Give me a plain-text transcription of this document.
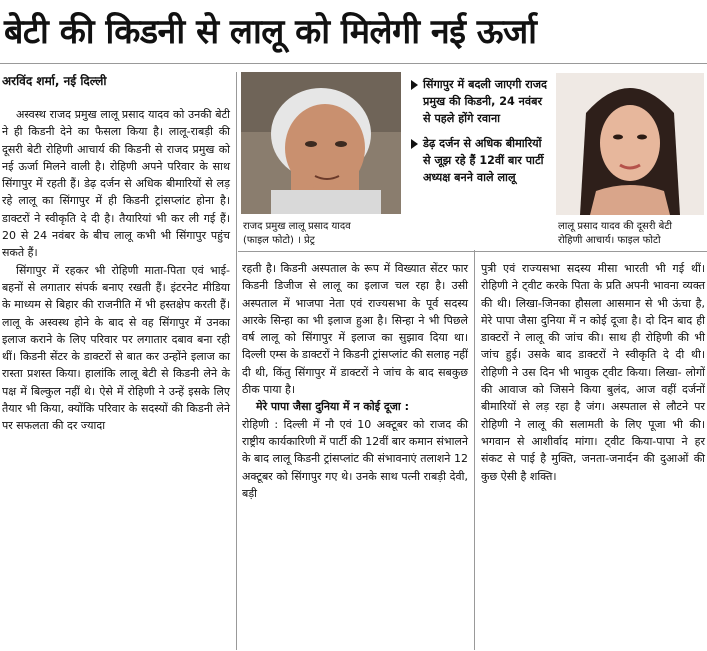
बेटी की किडनी से लालू को मिलेगी नई ऊर्जा
अरविंद शर्मा, नई दिल्ली
राजद प्रमुख लालू प्रसाद यादव
(फाइल फोटो) । प्रेट्र
सिंगापुर में बदली जाएगी राजद प्रमुख की किडनी, 24 नवंबर से पहले होंगे रवाना
डेढ़ दर्जन से अधिक बीमारियों से जूझ रहे हैं 12वीं बार पार्टी अध्यक्ष बनने वाले लालू
लालू प्रसाद यादव की दूसरी बेटी
रोहिणी आचार्य। फाइल फोटो

अस्वस्थ राजद प्रमुख लालू प्रसाद यादव को उनकी बेटी ने ही किडनी देने का फैसला किया है। लालू-राबड़ी की दूसरी बेटी रोहिणी आचार्य की किडनी से राजद प्रमुख को नई ऊर्जा मिलने वाली है। रोहिणी अपने परिवार के साथ सिंगापुर में रहती हैं। डेढ़ दर्जन से अधिक बीमारियों से लड़ रहे लालू का सिंगापुर में ही किडनी ट्रांसप्लांट होना है। डाक्टरों ने स्वीकृति दे दी है। तैयारियां भी कर ली गई हैं। 20 से 24 नवंबर के बीच लालू कभी भी सिंगापुर पहुंच सकते हैं।

सिंगापुर में रहकर भी रोहिणी माता-पिता एवं भाई-बहनों से लगातार संपर्क बनाए रखती हैं। इंटरनेट मीडिया के माध्यम से बिहार की राजनीति में भी हस्तक्षेप करती हैं। लालू के अस्वस्थ होने के बाद से वह सिंगापुर में उनका इलाज कराने के लिए परिवार पर लगातार दबाव बना रही थीं। किडनी सेंटर के डाक्टरों से बात कर उन्होंने इलाज का रास्ता प्रशस्त किया। हालांकि लालू बेटी से किडनी लेने के पक्ष में बिल्कुल नहीं थे। ऐसे में रोहिणी ने उन्हें इसके लिए तैयार भी किया, क्योंकि परिवार के सदस्यों की किडनी लेने पर सफलता की दर ज्यादा

रहती है। किडनी अस्पताल के रूप में विख्यात सेंटर फार किडनी डिजीज से लालू का इलाज चल रहा है। उसी अस्पताल में भाजपा नेता एवं राज्यसभा के पूर्व सदस्य आरके सिन्हा का भी इलाज हुआ है। सिन्हा ने भी पिछले वर्ष लालू को सिंगापुर में इलाज का सुझाव दिया था। दिल्ली एम्स के डाक्टरों ने किडनी ट्रांसप्लांट की सलाह नहीं दी थी, किंतु सिंगापुर में डाक्टरों ने जांच के बाद सबकुछ ठीक पाया है।

मेरे पापा जैसा दुनिया में न कोई दूजा :

रोहिणी : दिल्ली में नौ एवं 10 अक्टूबर को राजद की राष्ट्रीय कार्यकारिणी में पार्टी की 12वीं बार कमान संभालने के बाद लालू किडनी ट्रांसप्लांट की संभावनाएं तलाशने 12 अक्टूबर को सिंगापुर गए थे। उनके साथ पत्नी राबड़ी देवी, बड़ी

पुत्री एवं राज्यसभा सदस्य मीसा भारती भी गई थीं। रोहिणी ने ट्वीट करके पिता के प्रति अपनी भावना व्यक्त की थी। लिखा-जिनका हौसला आसमान से भी ऊंचा है, मेरे पापा जैसा दुनिया में न कोई दूजा है। दो दिन बाद ही डाक्टरों ने लालू की जांच की। साथ ही रोहिणी की भी जांच हुई। उसके बाद डाक्टरों ने स्वीकृति दे दी थी। रोहिणी ने उस दिन भी भावुक ट्वीट किया। लिखा- लोगों की आवाज को जिसने किया बुलंद, आज वहीं दर्जनों बीमारियों से लड़ रहा है जंग। अस्पताल से लौटने पर रोहिणी ने लालू की सलामती के लिए पूजा भी की। भगवान से आशीर्वाद मांगा। ट्वीट किया-पापा ने हर संकट से पाई है मुक्ति, जनता-जनार्दन की दुआओं की कुछ ऐसी है शक्ति।
